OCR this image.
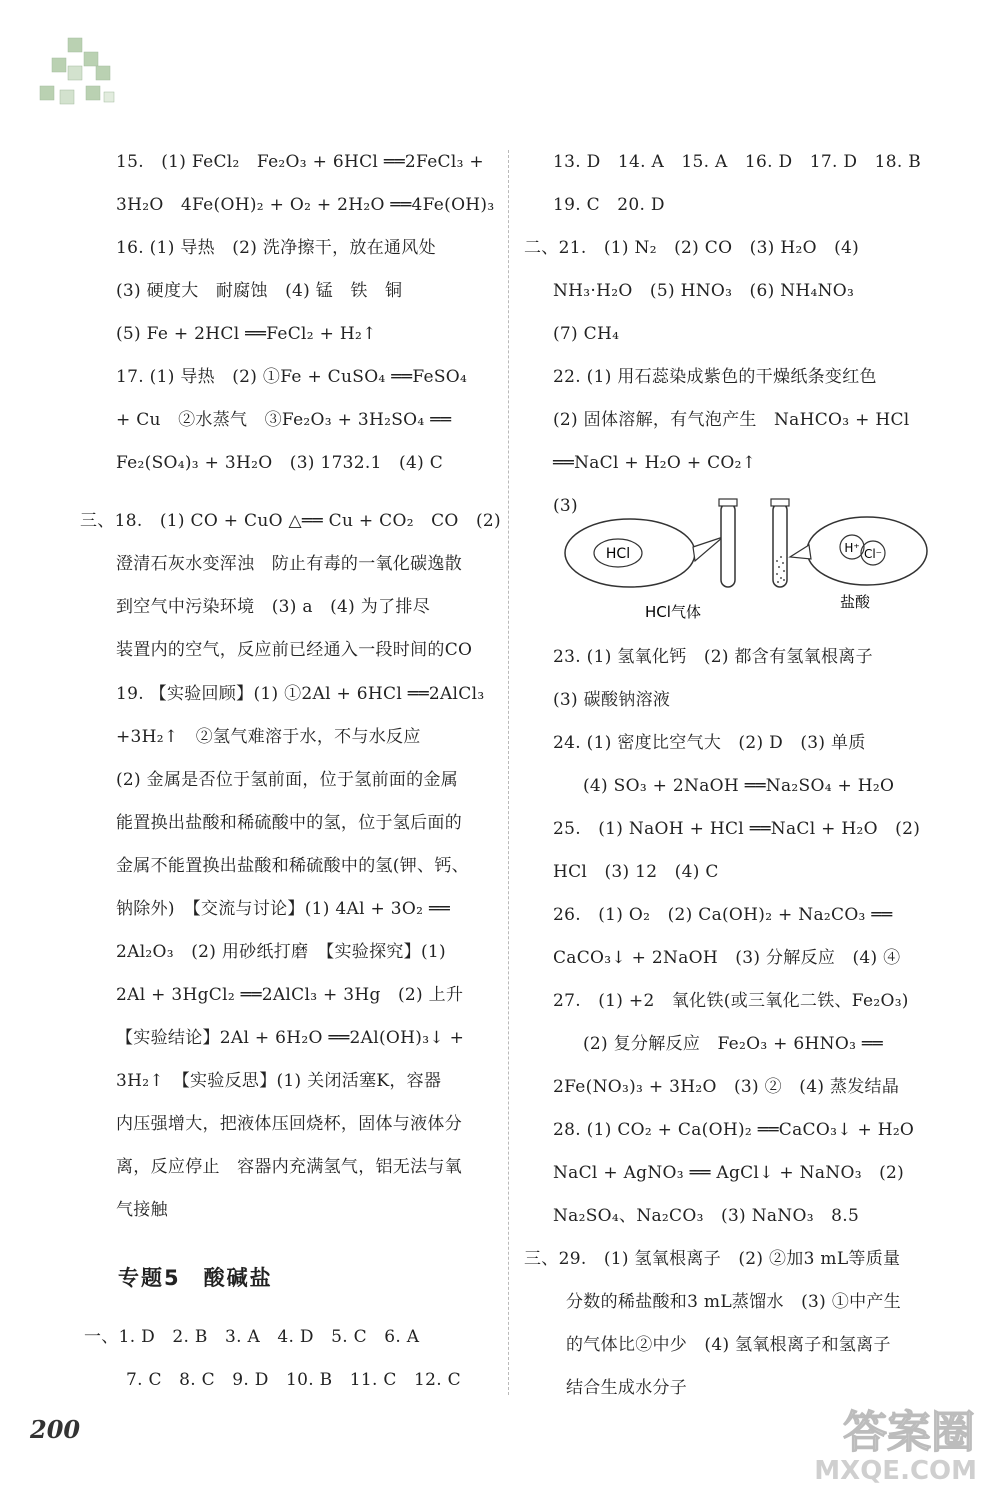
15.　(1) FeCl₂　Fe₂O₃ + 6HCl ══2FeCl₃ +
3H₂O　4Fe(OH)₂ + O₂ + 2H₂O ══4Fe(OH)₃
16. (1) 导热　(2) 洗净擦干，放在通风处
(3) 硬度大　耐腐蚀　(4) 锰　铁　铜
(5) Fe + 2HCl ══FeCl₂ + H₂↑
17. (1) 导热　(2) ①Fe + CuSO₄ ══FeSO₄
+ Cu　②水蒸气　③Fe₂O₃ + 3H₂SO₄ ══
Fe₂(SO₄)₃ + 3H₂O　(3) 1732.1　(4) C
三、18.　(1) CO + CuO △══ Cu + CO₂　CO　(2)
澄清石灰水变浑浊　防止有毒的一氧化碳逸散
到空气中污染环境　(3) a　(4) 为了排尽
装置内的空气，反应前已经通入一段时间的CO
19. 【实验回顾】(1) ①2Al + 6HCl ══2AlCl₃
+3H₂↑　②氢气难溶于水，不与水反应
(2) 金属是否位于氢前面，位于氢前面的金属
能置换出盐酸和稀硫酸中的氢，位于氢后面的
金属不能置换出盐酸和稀硫酸中的氢(钾、钙、
钠除外)　【交流与讨论】(1) 4Al + 3O₂ ══
2Al₂O₃　(2) 用砂纸打磨　【实验探究】(1)
2Al + 3HgCl₂ ══2AlCl₃ + 3Hg　(2) 上升
【实验结论】2Al + 6H₂O ══2Al(OH)₃↓ +
3H₂↑　【实验反思】(1) 关闭活塞K，容器
内压强增大，把液体压回烧杯，固体与液体分
离，反应停止　容器内充满氢气，铝无法与氧
气接触
专题5　酸碱盐
一、1. D　2. B　3. A　4. D　5. C　6. A
7. C　8. C　9. D　10. B　11. C　12. C
13. D　14. A　15. A　16. D　17. D　18. B
19. C　20. D
二、21.　(1) N₂　(2) CO　(3) H₂O　(4)
NH₃·H₂O　(5) HNO₃　(6) NH₄NO₃
(7) CH₄
22. (1) 用石蕊染成紫色的干燥纸条变红色
(2) 固体溶解，有气泡产生　NaHCO₃ + HCl
══NaCl + H₂O + CO₂↑
(3)
HCl	H⁺ Cl⁻
HCl气体
盐酸
23. (1) 氢氧化钙　(2) 都含有氢氧根离子
(3) 碳酸钠溶液
24. (1) 密度比空气大　(2) D　(3) 单质
(4) SO₃ + 2NaOH ══Na₂SO₄ + H₂O
25.　(1) NaOH + HCl ══NaCl + H₂O　(2)
HCl　(3) 12　(4) C
26.　(1) O₂　(2) Ca(OH)₂ + Na₂CO₃ ══
CaCO₃↓ + 2NaOH　(3) 分解反应　(4) ④
27.　(1) +2　氧化铁(或三氧化二铁、Fe₂O₃)
(2) 复分解反应　Fe₂O₃ + 6HNO₃ ══
2Fe(NO₃)₃ + 3H₂O　(3) ②　(4) 蒸发结晶
28. (1) CO₂ + Ca(OH)₂ ══CaCO₃↓ + H₂O
NaCl + AgNO₃ ══ AgCl↓ + NaNO₃　(2)
Na₂SO₄、Na₂CO₃　(3) NaNO₃　8.5
三、29.　(1) 氢氧根离子　(2) ②加3 mL等质量
分数的稀盐酸和3 mL蒸馏水　(3) ①中产生
的气体比②中少　(4) 氢氧根离子和氢离子
结合生成水分子
200	答案圈
MXQE.COM
